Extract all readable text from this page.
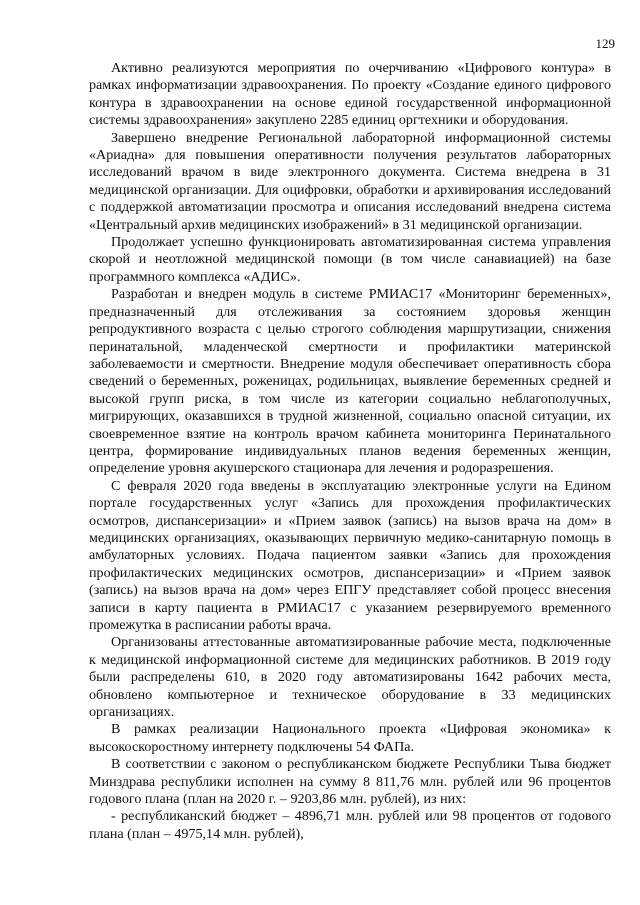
129

Активно реализуются мероприятия по очерчиванию «Цифрового контура» в рамках информатизации здравоохранения. По проекту «Создание единого цифрового контура в здравоохранении на основе единой государственной информационной системы здравоохранения» закуплено 2285 единиц оргтехники и оборудования.

Завершено внедрение Региональной лабораторной информационной системы «Ариадна» для повышения оперативности получения результатов лабораторных исследований врачом в виде электронного документа. Система внедрена в 31 медицинской организации. Для оцифровки, обработки и архивирования исследований с поддержкой автоматизации просмотра и описания исследований внедрена система «Центральный архив медицинских изображений» в 31 медицинской организации.

Продолжает успешно функционировать автоматизированная система управления скорой и неотложной медицинской помощи (в том числе санавиацией) на базе программного комплекса «АДИС».

Разработан и внедрен модуль в системе РМИАС17 «Мониторинг беременных», предназначенный для отслеживания за состоянием здоровья женщин репродуктивного возраста с целью строгого соблюдения маршрутизации, снижения перинатальной, младенческой смертности и профилактики материнской заболеваемости и смертности. Внедрение модуля обеспечивает оперативность сбора сведений о беременных, роженицах, родильницах, выявление беременных средней и высокой групп риска, в том числе из категории социально неблагополучных, мигрирующих, оказавшихся в трудной жизненной, социально опасной ситуации, их своевременное взятие на контроль врачом кабинета мониторинга Перинатального центра, формирование индивидуальных планов ведения беременных женщин, определение уровня акушерского стационара для лечения и родоразрешения.

С февраля 2020 года введены в эксплуатацию электронные услуги на Едином портале государственных услуг «Запись для прохождения профилактических осмотров, диспансеризации» и «Прием заявок (запись) на вызов врача на дом» в медицинских организациях, оказывающих первичную медико-санитарную помощь в амбулаторных условиях. Подача пациентом заявки «Запись для прохождения профилактических медицинских осмотров, диспансеризации» и «Прием заявок (запись) на вызов врача на дом» через ЕПГУ представляет собой процесс внесения записи в карту пациента в РМИАС17 с указанием резервируемого временного промежутка в расписании работы врача.

Организованы аттестованные автоматизированные рабочие места, подключенные к медицинской информационной системе для медицинских работников. В 2019 году были распределены 610, в 2020 году автоматизированы 1642 рабочих места, обновлено компьютерное и техническое оборудование в 33 медицинских организациях.

В рамках реализации Национального проекта «Цифровая экономика» к высокоскоростному интернету подключены 54 ФАПа.

В соответствии с законом о республиканском бюджете Республики Тыва бюджет Минздрава республики исполнен на сумму 8 811,76 млн. рублей или 96 процентов годового плана (план на 2020 г. – 9203,86 млн. рублей), из них:

- республиканский бюджет – 4896,71 млн. рублей или 98 процентов от годового плана (план – 4975,14 млн. рублей),
